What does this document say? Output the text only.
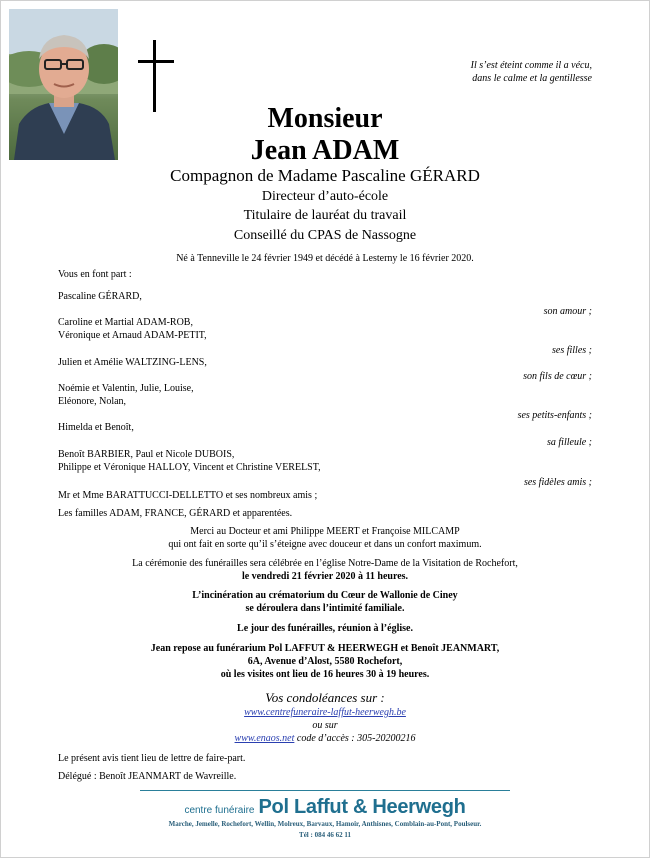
Il s’est éteint comme il a vécu,
dans le calme et la gentillesse
Monsieur
Jean ADAM
Compagnon de Madame Pascaline GÉRARD
Directeur d’auto-école
Titulaire de lauréat du travail
Conseillé du CPAS de Nassogne
Né à Tenneville le 24 février 1949 et décédé à Lesterny le 16 février 2020.
Vous en font part :
Pascaline GÉRARD,
son amour ;
Caroline et Martial ADAM-ROB,
Véronique et Arnaud ADAM-PETIT,
ses filles ;
Julien et Amélie WALTZING-LENS,
son fils de cœur ;
Noémie et Valentin, Julie, Louise,
Eléonore, Nolan,
ses petits-enfants ;
Himelda et Benoît,
sa filleule ;
Benoît BARBIER, Paul et Nicole DUBOIS,
Philippe et Véronique HALLOY, Vincent et Christine VERELST,
ses fidèles amis ;
Mr et Mme BARATTUCCI-DELLETTO et ses nombreux amis ;
Les familles ADAM, FRANCE, GÉRARD et apparentées.
Merci au Docteur et ami Philippe MEERT et Françoise MILCAMP
qui ont fait en sorte qu’il s’éteigne avec douceur et dans un confort maximum.
La cérémonie des funérailles sera célébrée en l’église Notre-Dame de la Visitation de Rochefort,
le vendredi 21 février 2020 à 11 heures.
L’incinération au crématorium du Cœur de Wallonie de Ciney
se déroulera dans l’intimité familiale.
Le jour des funérailles, réunion à l’église.
Jean repose au funérarium Pol LAFFUT & HEERWEGH et Benoît JEANMART,
6A, Avenue d’Alost, 5580 Rochefort,
où les visites ont lieu de 16 heures 30 à 19 heures.
Vos condoléances sur :
www.centrefuneraire-laffut-heerwegh.be
ou sur
www.enaos.net code d’accès : 305-20200216
Le présent avis tient lieu de lettre de faire-part.
Délégué : Benoît JEANMART de Wavreille.
centre funéraire Pol Laffut & Heerwegh
Marche, Jemelle, Rochefort, Wellin, Molreux, Barvaux, Hamoir, Anthisnes, Comblain-au-Pont, Poulseur.
Tél : 084 46 62 11
